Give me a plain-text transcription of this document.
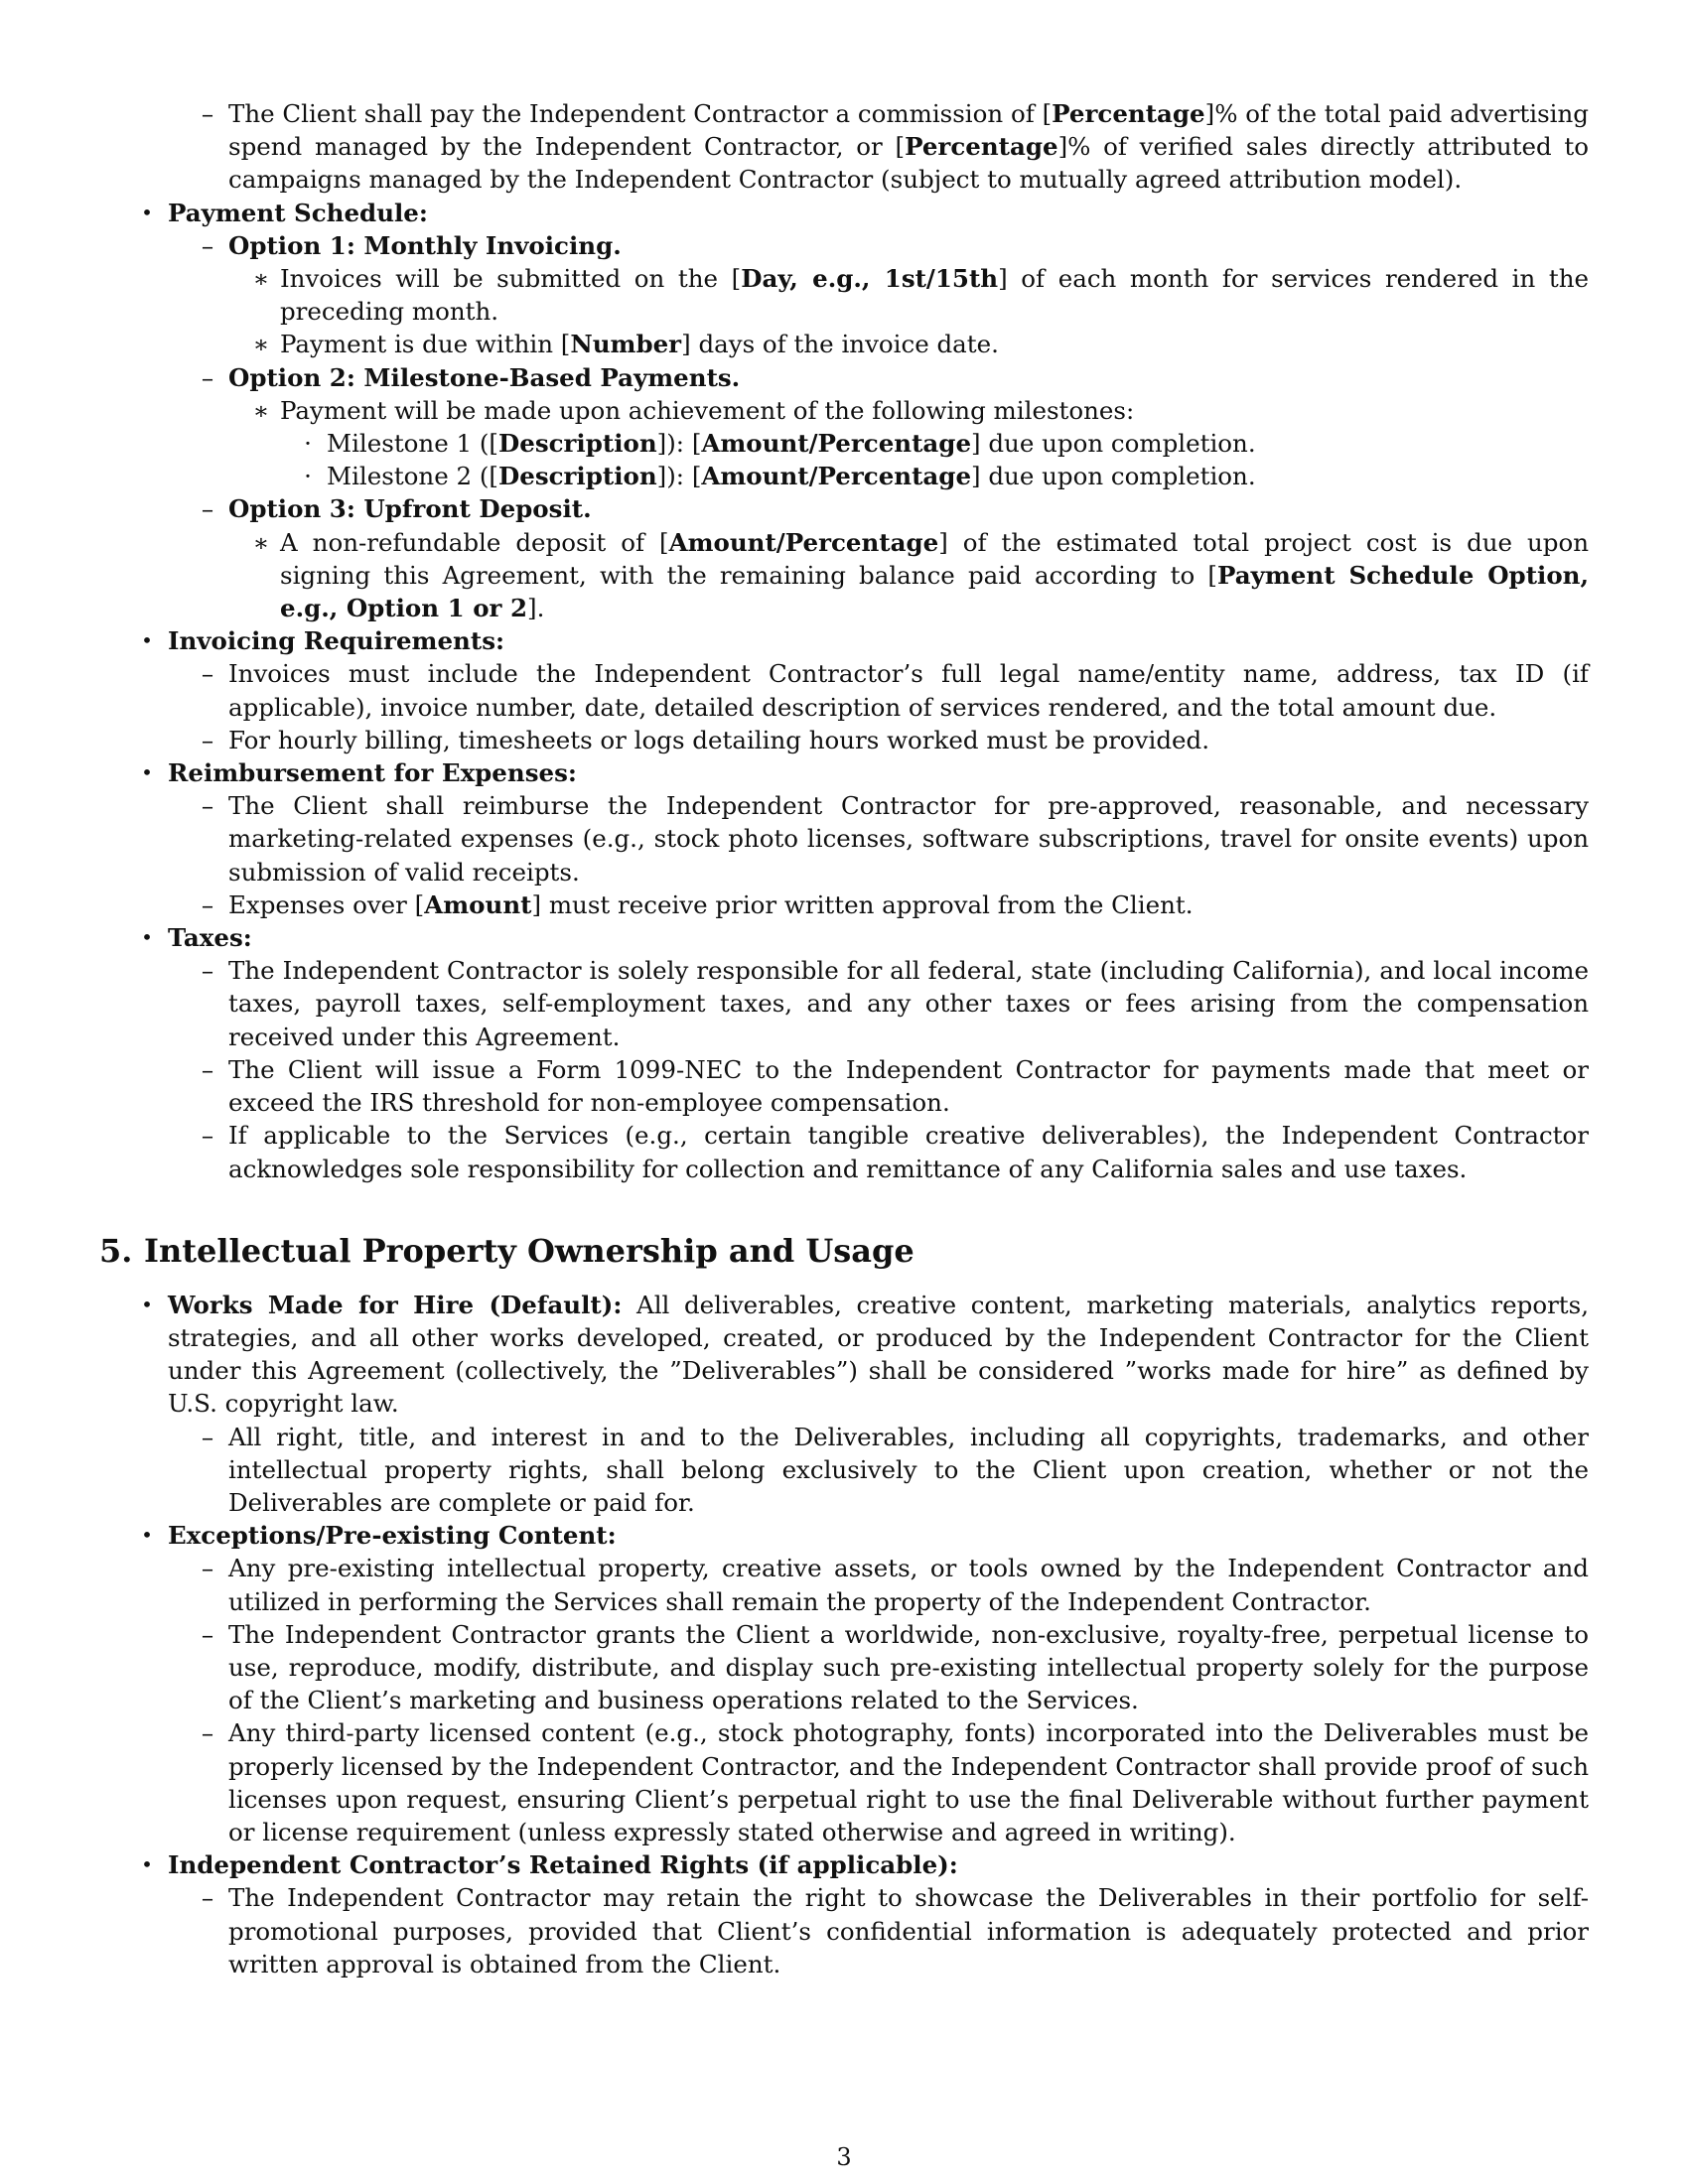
– The Client shall pay the Independent Contractor a commission of [Percentage]% of the total paid advertising spend managed by the Independent Contractor, or [Percentage]% of verified sales directly attributed to campaigns managed by the Independent Contractor (subject to mutually agreed attribution model).
• Payment Schedule:
– Option 1: Monthly Invoicing.
∗ Invoices will be submitted on the [Day, e.g., 1st/15th] of each month for services rendered in the preceding month.
∗ Payment is due within [Number] days of the invoice date.
– Option 2: Milestone-Based Payments.
∗ Payment will be made upon achievement of the following milestones:
· Milestone 1 ([Description]): [Amount/Percentage] due upon completion.
· Milestone 2 ([Description]): [Amount/Percentage] due upon completion.
– Option 3: Upfront Deposit.
∗ A non-refundable deposit of [Amount/Percentage] of the estimated total project cost is due upon signing this Agreement, with the remaining balance paid according to [Payment Schedule Option, e.g., Option 1 or 2].
• Invoicing Requirements:
– Invoices must include the Independent Contractor’s full legal name/entity name, address, tax ID (if applicable), invoice number, date, detailed description of services rendered, and the total amount due.
– For hourly billing, timesheets or logs detailing hours worked must be provided.
• Reimbursement for Expenses:
– The Client shall reimburse the Independent Contractor for pre-approved, reasonable, and necessary marketing-related expenses (e.g., stock photo licenses, software subscriptions, travel for onsite events) upon submission of valid receipts.
– Expenses over [Amount] must receive prior written approval from the Client.
• Taxes:
– The Independent Contractor is solely responsible for all federal, state (including California), and local income taxes, payroll taxes, self-employment taxes, and any other taxes or fees arising from the compensation received under this Agreement.
– The Client will issue a Form 1099-NEC to the Independent Contractor for payments made that meet or exceed the IRS threshold for non-employee compensation.
– If applicable to the Services (e.g., certain tangible creative deliverables), the Independent Contractor acknowledges sole responsibility for collection and remittance of any California sales and use taxes.
5. Intellectual Property Ownership and Usage
• Works Made for Hire (Default): All deliverables, creative content, marketing materials, analytics reports, strategies, and all other works developed, created, or produced by the Independent Contractor for the Client under this Agreement (collectively, the ”Deliverables”) shall be considered ”works made for hire” as defined by U.S. copyright law.
– All right, title, and interest in and to the Deliverables, including all copyrights, trademarks, and other intellectual property rights, shall belong exclusively to the Client upon creation, whether or not the Deliverables are complete or paid for.
• Exceptions/Pre-existing Content:
– Any pre-existing intellectual property, creative assets, or tools owned by the Independent Contractor and utilized in performing the Services shall remain the property of the Independent Contractor.
– The Independent Contractor grants the Client a worldwide, non-exclusive, royalty-free, perpetual license to use, reproduce, modify, distribute, and display such pre-existing intellectual property solely for the purpose of the Client’s marketing and business operations related to the Services.
– Any third-party licensed content (e.g., stock photography, fonts) incorporated into the Deliverables must be properly licensed by the Independent Contractor, and the Independent Contractor shall provide proof of such licenses upon request, ensuring Client’s perpetual right to use the final Deliverable without further payment or license requirement (unless expressly stated otherwise and agreed in writing).
• Independent Contractor’s Retained Rights (if applicable):
– The Independent Contractor may retain the right to showcase the Deliverables in their portfolio for self-promotional purposes, provided that Client’s confidential information is adequately protected and prior written approval is obtained from the Client.
3
